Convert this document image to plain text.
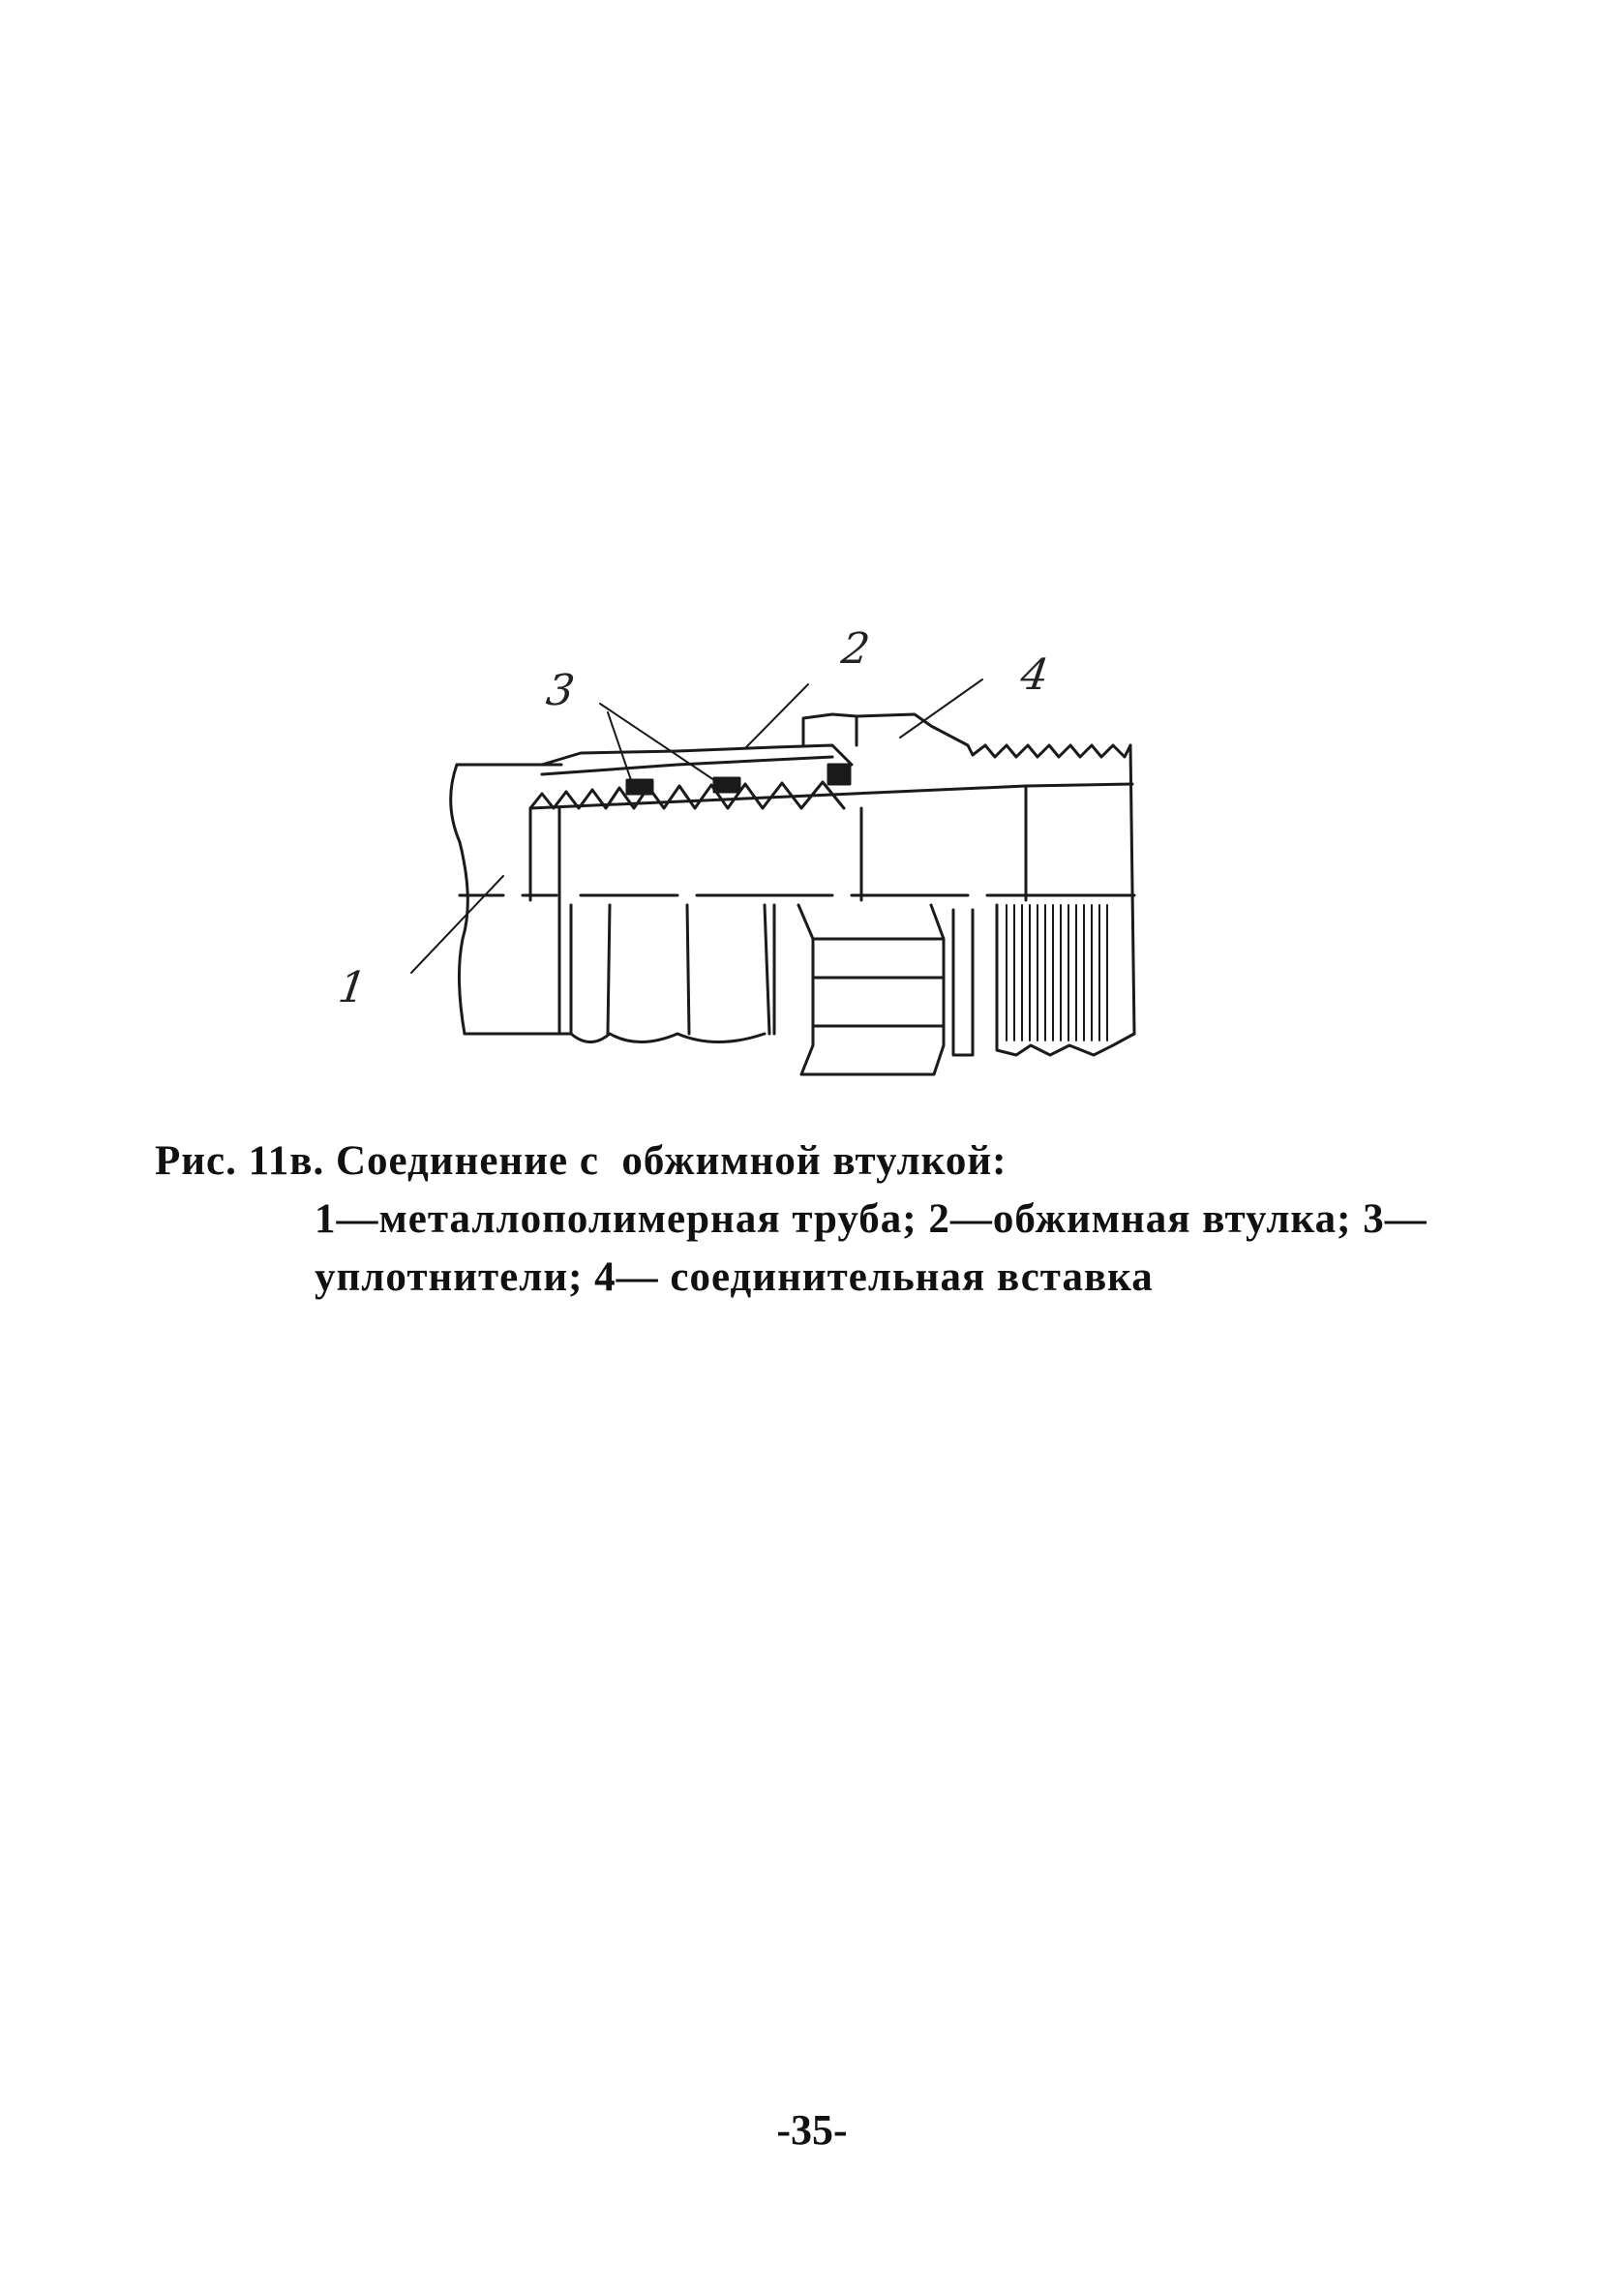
1
2
3	4
Рис. 11в. Соединение с  обжимной втулкой:
1—металлополимерная труба; 2—обжимная втулка; 3—уплотнители; 4— соединительная вставка
-35-
